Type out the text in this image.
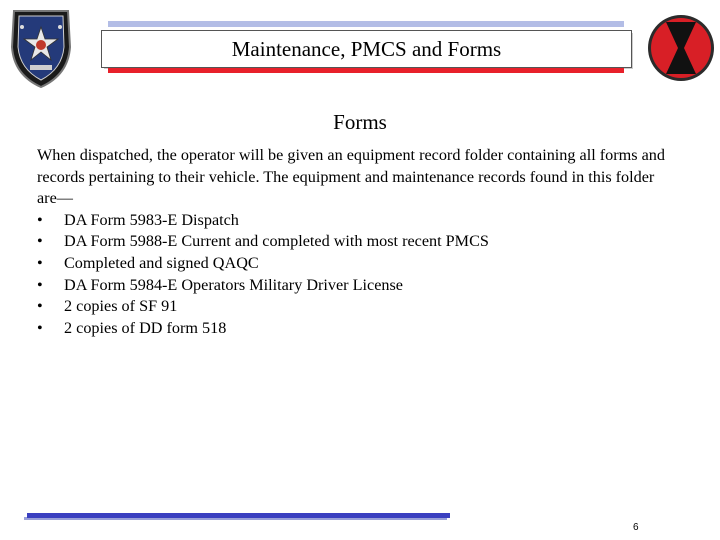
Maintenance, PMCS and Forms
Forms
When dispatched, the operator will be given an equipment record folder containing all forms and records pertaining to their vehicle. The equipment and maintenance records found in this folder are—
• DA Form 5983-E Dispatch
• DA Form 5988-E Current and completed with most recent PMCS
• Completed and signed QAQC
• DA Form 5984-E Operators Military Driver License
• 2 copies of SF 91
• 2 copies of DD form 518
6
